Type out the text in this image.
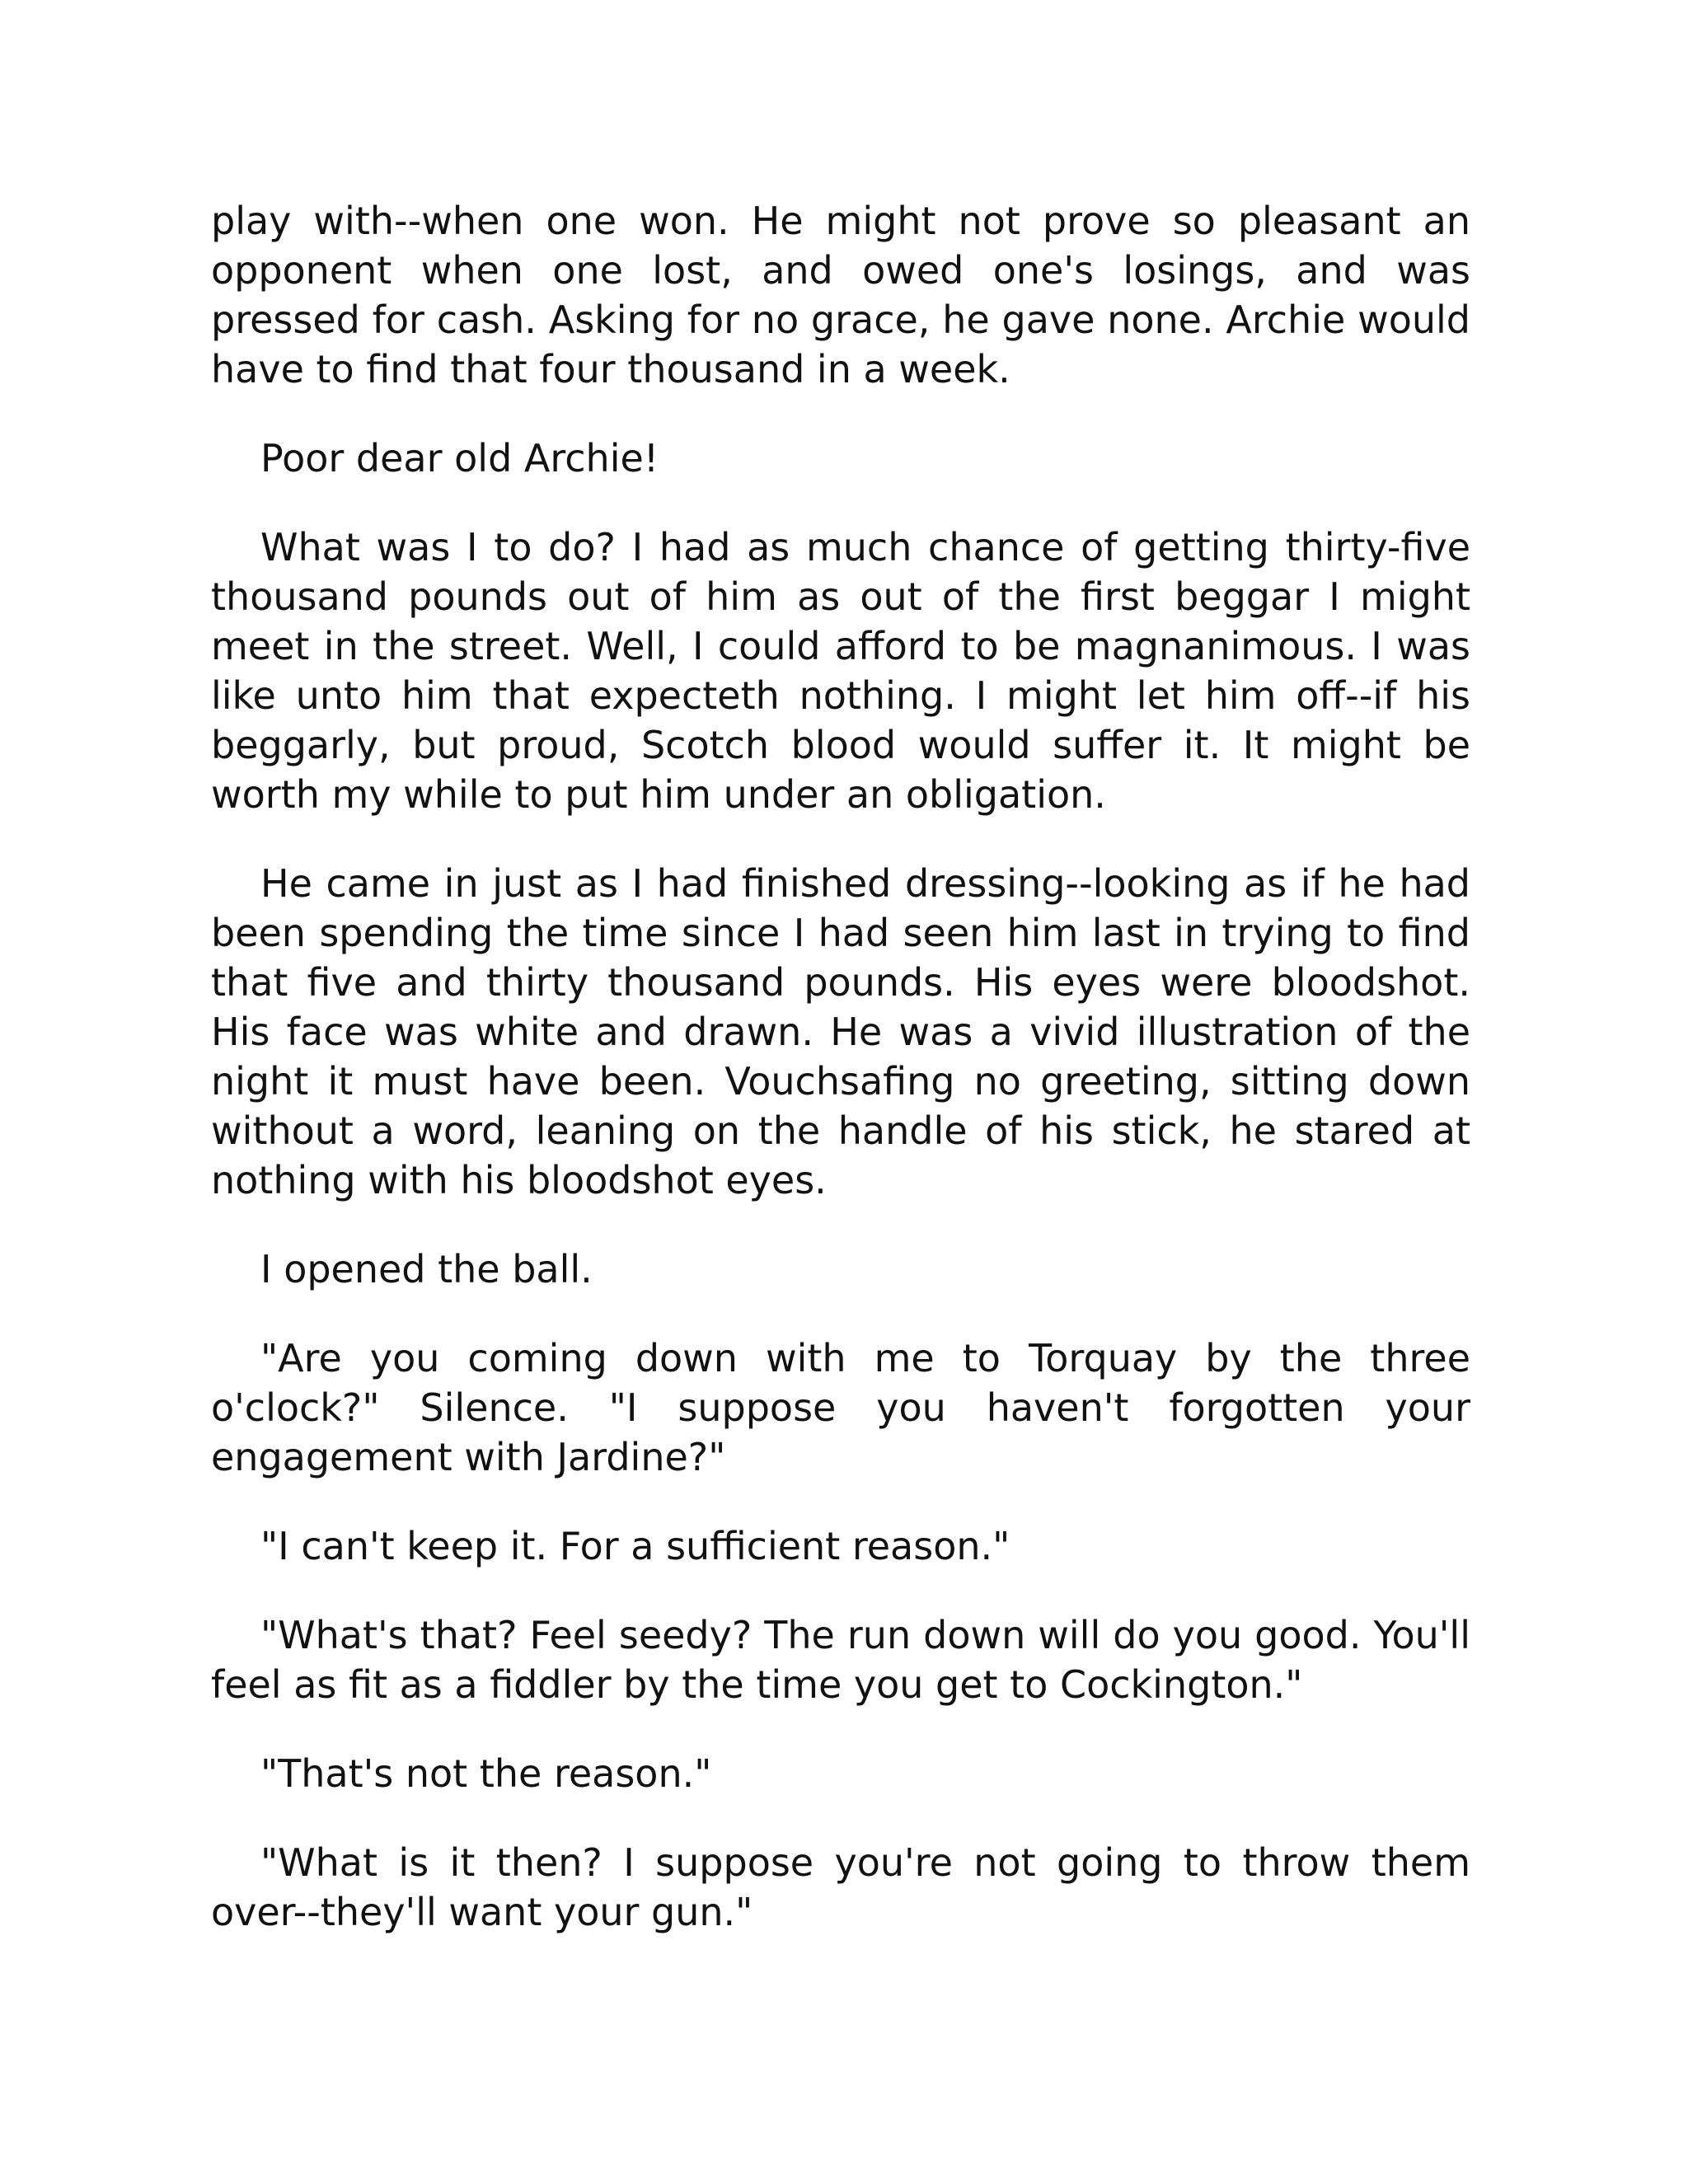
play with--when one won. He might not prove so pleasant an opponent when one lost, and owed one's losings, and was pressed for cash. Asking for no grace, he gave none. Archie would have to find that four thousand in a week.

Poor dear old Archie!

What was I to do? I had as much chance of getting thirty-five thousand pounds out of him as out of the first beggar I might meet in the street. Well, I could afford to be magnanimous. I was like unto him that expecteth nothing. I might let him off--if his beggarly, but proud, Scotch blood would suffer it. It might be worth my while to put him under an obligation.

He came in just as I had finished dressing--looking as if he had been spending the time since I had seen him last in trying to find that five and thirty thousand pounds. His eyes were bloodshot. His face was white and drawn. He was a vivid illustration of the night it must have been. Vouchsafing no greeting, sitting down without a word, leaning on the handle of his stick, he stared at nothing with his bloodshot eyes.

I opened the ball.

"Are you coming down with me to Torquay by the three o'clock?" Silence. "I suppose you haven't forgotten your engagement with Jardine?"

"I can't keep it. For a sufficient reason."

"What's that? Feel seedy? The run down will do you good. You'll feel as fit as a fiddler by the time you get to Cockington."

"That's not the reason."

"What is it then? I suppose you're not going to throw them over--they'll want your gun."
